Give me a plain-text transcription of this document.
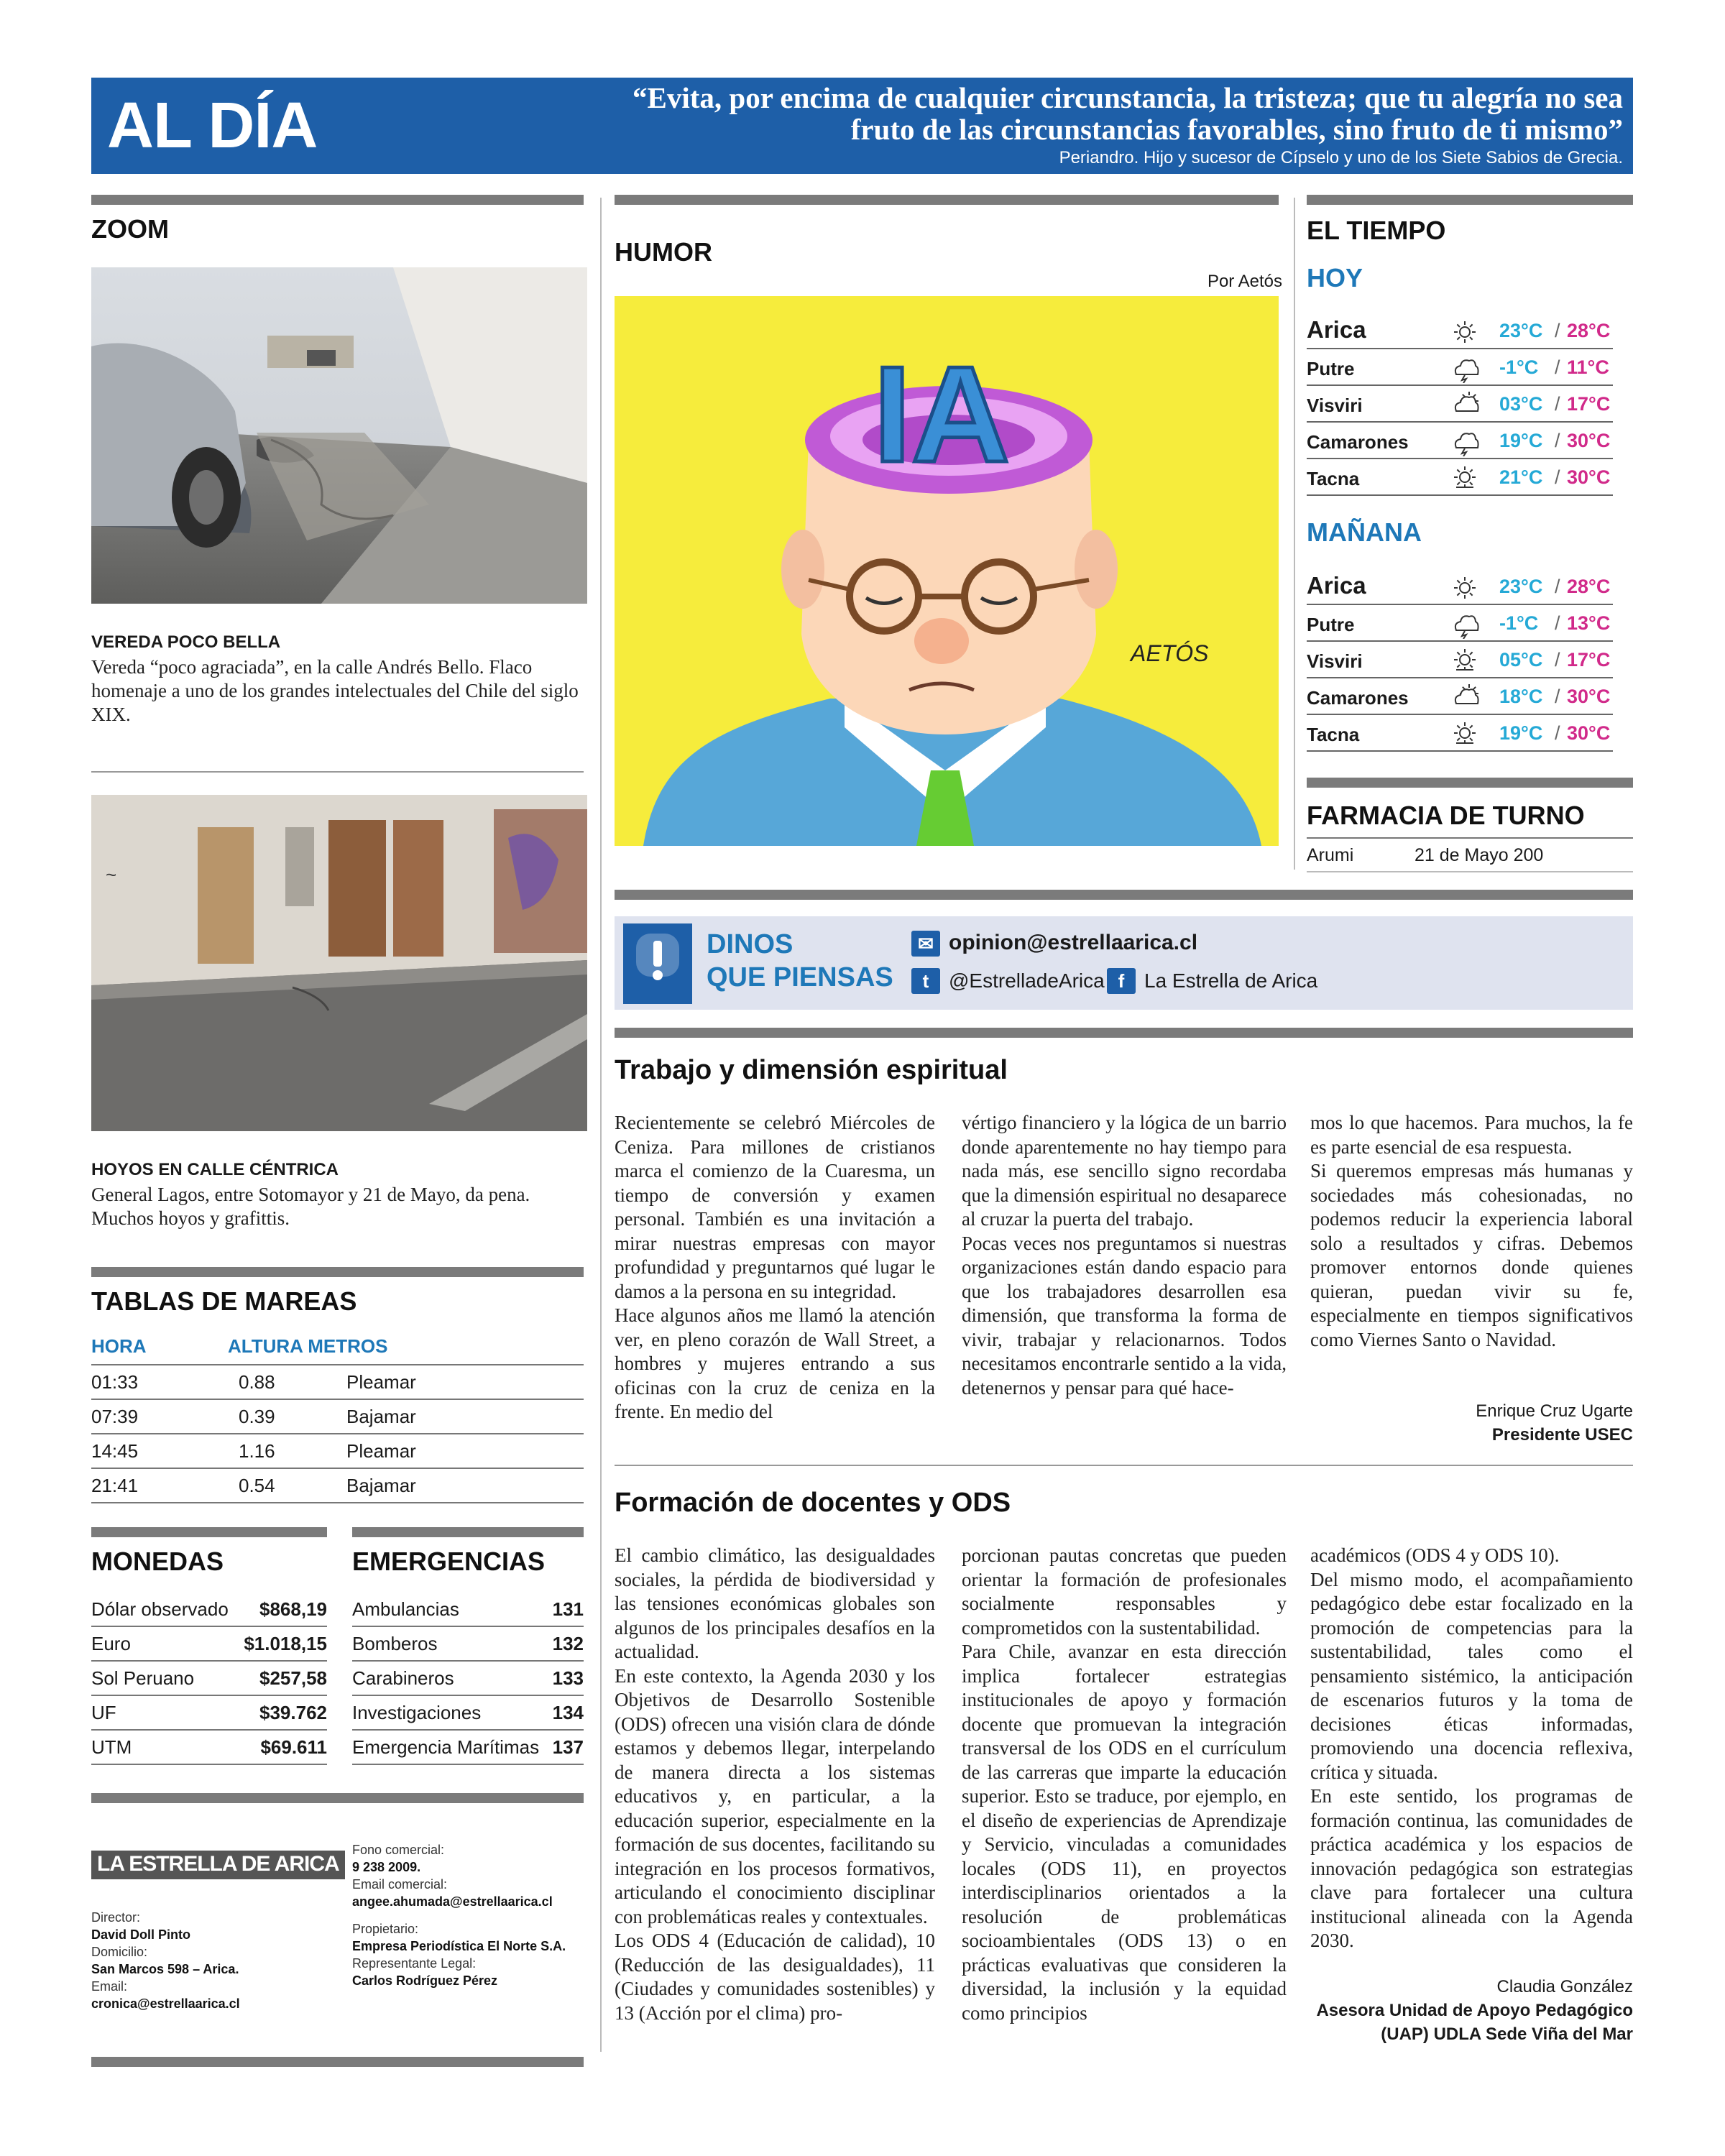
AL DÍA	“Evita, por encima de cualquier circunstancia, la tristeza; que tu alegría no sea fruto de las circunstancias favorables, sino fruto de ti mismo”
Periandro. Hijo y sucesor de Cípselo y uno de los Siete Sabios de Grecia.
ZOOM
VEREDA POCO BELLA
Vereda “poco agraciada”, en la calle Andrés Bello. Flaco homenaje a uno de los grandes intelectuales del Chile del siglo XIX.
~
HOYOS EN CALLE CÉNTRICA
General Lagos, entre Sotomayor y 21 de Mayo, da pena. Muchos hoyos y grafittis.
TABLAS DE MAREAS
HORA	ALTURA METROS
01:33	0.88	Pleamar
07:39	0.39	Bajamar
14:45	1.16	Pleamar
21:41	0.54	Bajamar
MONEDAS	EMERGENCIAS
Dólar observado $868,19
Euro	$1.018,15
Sol Peruano	$257,58
UF	$39.762
UTM	$69.611
Ambulancias	131
Bomberos	132
Carabineros	133
Investigaciones	134
Emergencia Marítimas 137
LA ESTRELLA DE ARICA
Director:
David Doll Pinto
Domicilio:
San Marcos 598 – Arica.
Email:
cronica@estrellaarica.cl
Fono comercial:
9 238 2009.
Email comercial:
angee.ahumada@estrellaarica.cl
Propietario:
Empresa Periodística El Norte S.A.
Representante Legal:
Carlos Rodríguez Pérez
HUMOR
Por Aetós
IA
AETÓS
EL TIEMPO
HOY
Arica	23°C / 28°C
Putre	-1°C / 11°C
Visviri	03°C / 17°C
Camarones	19°C / 30°C
Tacna	21°C / 30°C
MAÑANA
Arica	23°C / 28°C
Putre	-1°C / 13°C
Visviri	05°C / 17°C
Camarones	18°C / 30°C
Tacna	19°C / 30°C
FARMACIA DE TURNO
Arumi	21 de Mayo 200
DINOS
QUE PIENSAS
✉ opinion@estrellaarica.cl
t @EstrelladeArica f La Estrella de Arica
Trabajo y dimensión espiritual
Recientemente se celebró Miércoles de Ceniza. Para millones de cristianos marca el comienzo de la Cuaresma, un tiempo de conversión y examen personal. También es una invitación a mirar nuestras empresas con mayor profundidad y preguntarnos qué lugar le damos a la persona en su integridad.
Hace algunos años me llamó la atención ver, en pleno corazón de Wall Street, a hombres y mujeres entrando a sus oficinas con la cruz de ceniza en la frente. En medio del
vértigo financiero y la lógica de un barrio donde aparentemente no hay tiempo para nada más, ese sencillo signo recordaba que la dimensión espiritual no desaparece al cruzar la puerta del trabajo.
Pocas veces nos preguntamos si nuestras organizaciones están dando espacio para que los trabajadores desarrollen esa dimensión, que transforma la forma de vivir, trabajar y relacionarnos. Todos necesitamos encontrarle sentido a la vida, detenernos y pensar para qué hace-
mos lo que hacemos. Para muchos, la fe es parte esencial de esa respuesta.
Si queremos empresas más humanas y sociedades más cohesionadas, no podemos reducir la experiencia laboral solo a resultados y cifras. Debemos promover entornos donde quienes quieran, puedan vivir su fe, especialmente en tiempos significativos como Viernes Santo o Navidad.
Enrique Cruz Ugarte
Presidente USEC
Formación de docentes y ODS
El cambio climático, las desigualdades sociales, la pérdida de biodiversidad y las tensiones económicas globales son algunos de los principales desafíos en la actualidad.
En este contexto, la Agenda 2030 y los Objetivos de Desarrollo Sostenible (ODS) ofrecen una visión clara de dónde estamos y debemos llegar, interpelando de manera directa a los sistemas educativos y, en particular, a la educación superior, especialmente en la formación de sus docentes, facilitando su integración en los procesos formativos, articulando el conocimiento disciplinar con problemáticas reales y contextuales.
Los ODS 4 (Educación de calidad), 10 (Reducción de las desigualdades), 11 (Ciudades y comunidades sostenibles) y 13 (Acción por el clima) pro-
porcionan pautas concretas que pueden orientar la formación de profesionales socialmente responsables y comprometidos con la sustentabilidad.
Para Chile, avanzar en esta dirección implica fortalecer estrategias institucionales de apoyo y formación docente que promuevan la integración transversal de los ODS en el currículum de las carreras que imparte la educación superior. Esto se traduce, por ejemplo, en el diseño de experiencias de Aprendizaje y Servicio, vinculadas a comunidades locales (ODS 11), en proyectos interdisciplinarios orientados a la resolución de problemáticas socioambientales (ODS 13) o en prácticas evaluativas que consideren la diversidad, la inclusión y la equidad como principios
académicos (ODS 4 y ODS 10).
Del mismo modo, el acompañamiento pedagógico debe estar focalizado en la promoción de competencias para la sustentabilidad, tales como el pensamiento sistémico, la anticipación de escenarios futuros y la toma de decisiones éticas informadas, promoviendo una docencia reflexiva, crítica y situada.
En este sentido, los programas de formación continua, las comunidades de práctica académica y los espacios de innovación pedagógica son estrategias clave para fortalecer una cultura institucional alineada con la Agenda 2030.
Claudia González
Asesora Unidad de Apoyo Pedagógico
(UAP) UDLA Sede Viña del Mar
